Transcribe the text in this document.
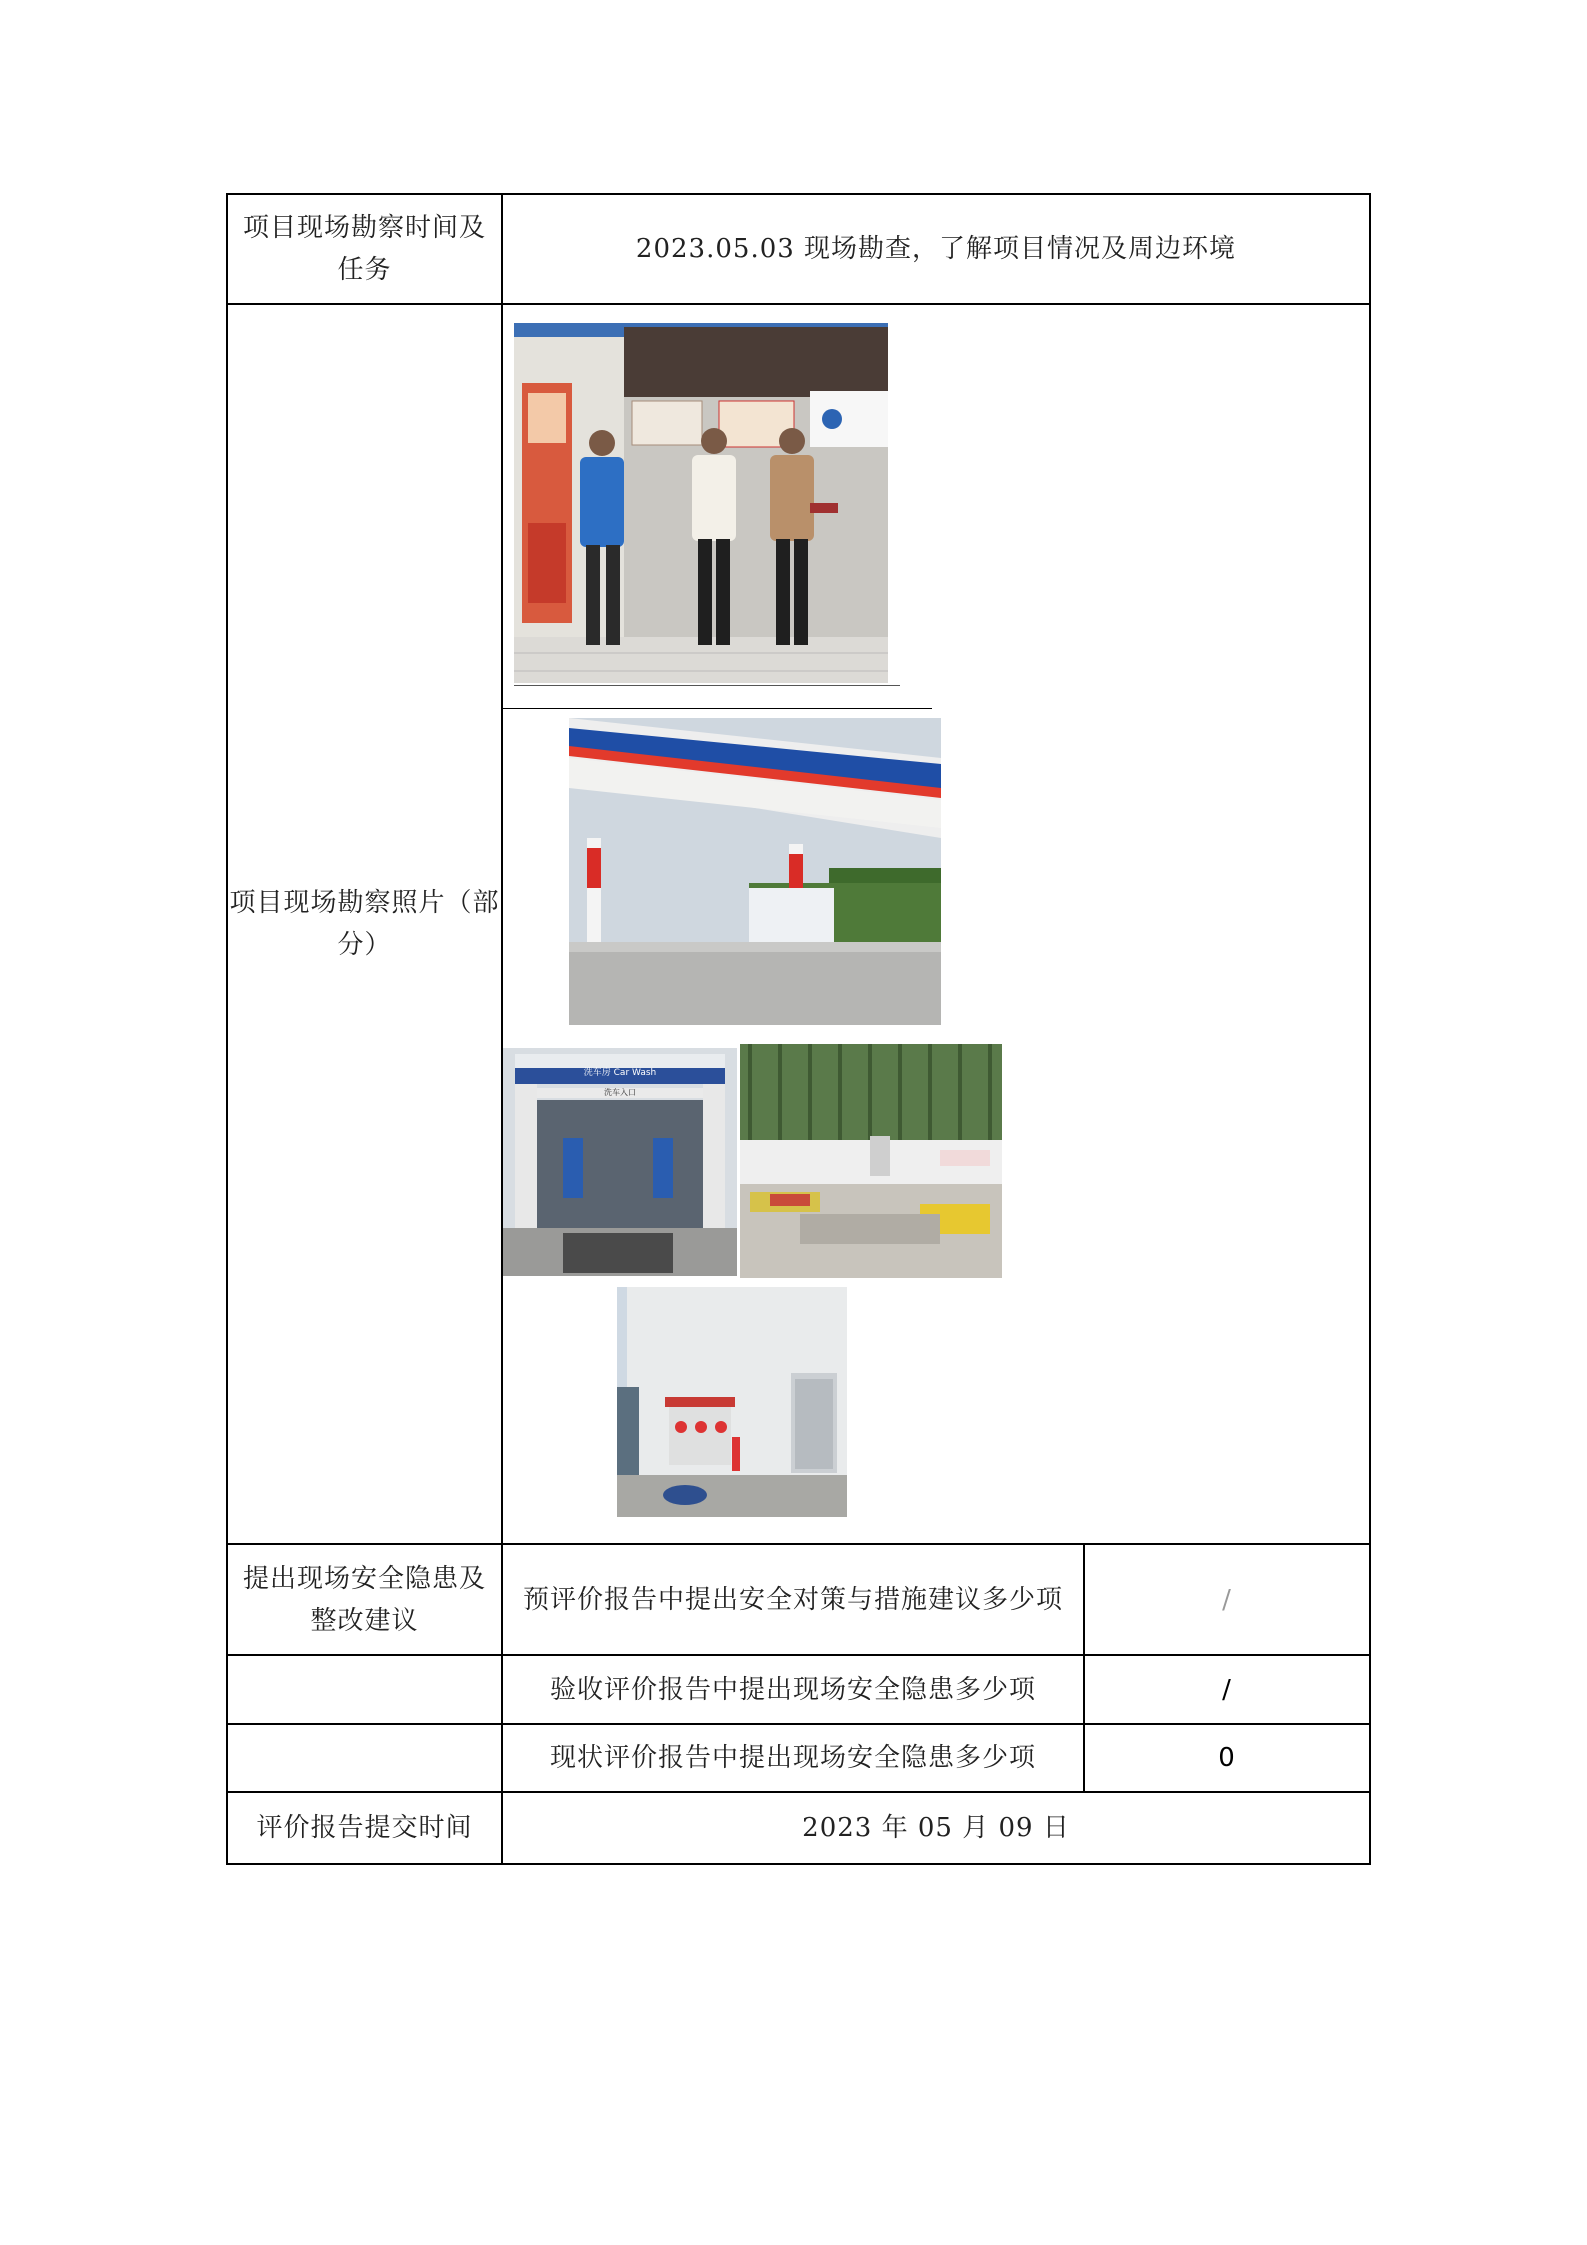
项目现场勘察时间及
任务
2023.05.03 现场勘查，了解项目情况及周边环境
项目现场勘察照片（部
分）
洗车房 Car Wash
洗车入口
提出现场安全隐患及
整改建议
预评价报告中提出安全对策与措施建议多少项	/
验收评价报告中提出现场安全隐患多少项	/
现状评价报告中提出现场安全隐患多少项	0
评价报告提交时间	2023 年 05 月 09 日
